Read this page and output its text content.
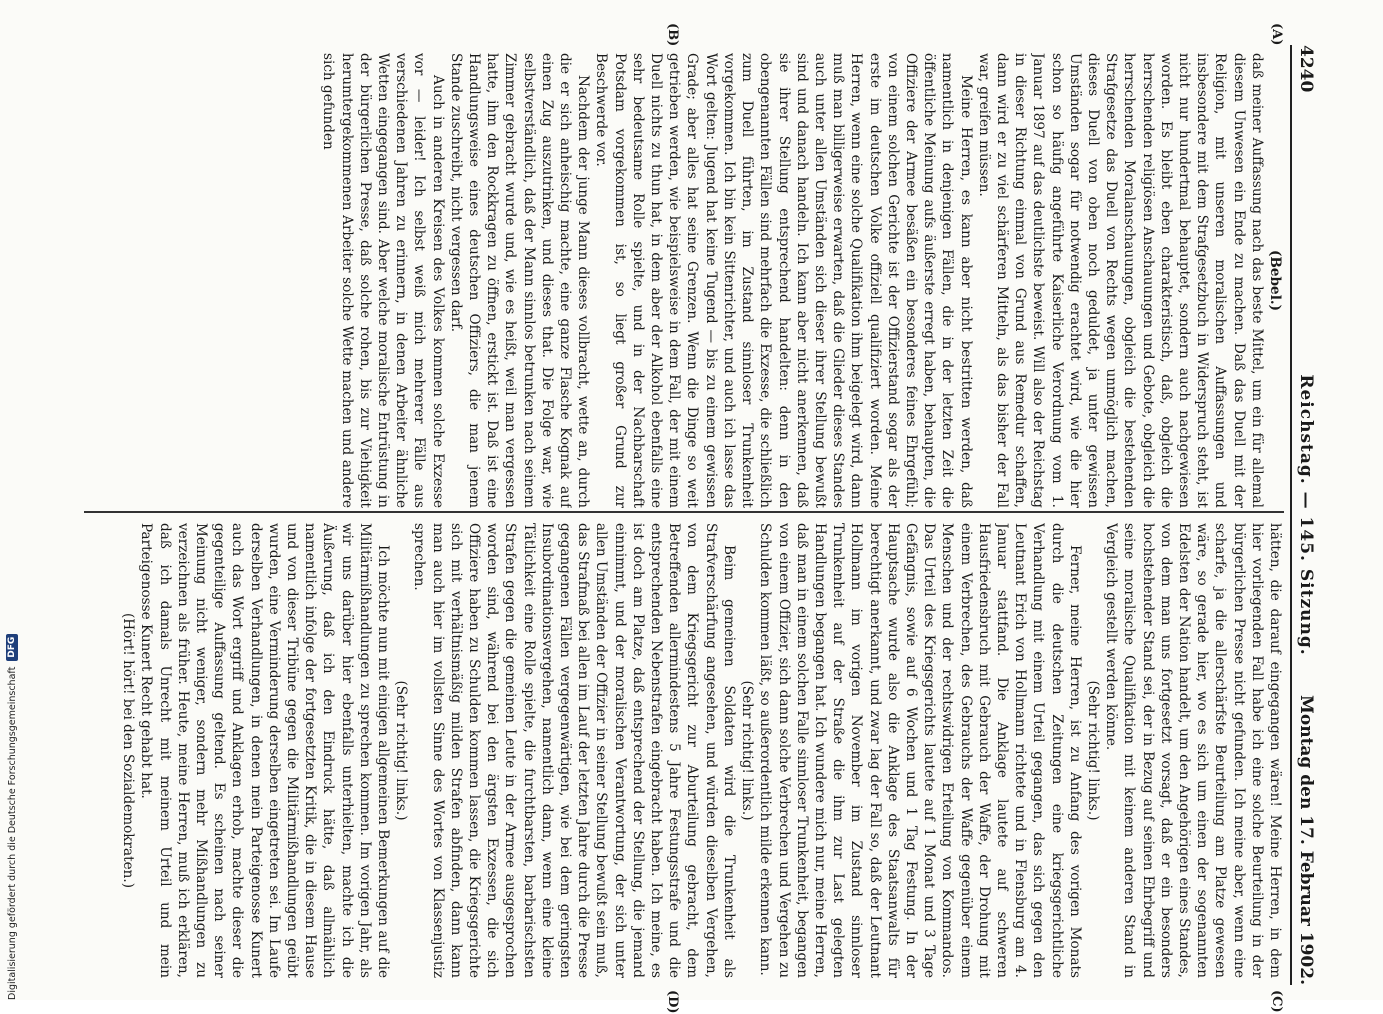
4240
Reichstag. — 145. Sitzung.
Montag den 17. Februar 1902.
(A)
(B)
(C)
(D)

(Bebel.)

daß meiner Auffassung nach das beste Mittel, um ein für allemal diesem Unwesen ein Ende zu machen. Daß das Duell mit der Religion, mit unseren moralischen Auffassungen und insbesondere mit dem Strafgesetzbuch in Widerspruch steht, ist nicht nur hundertmal behauptet, sondern auch nachgewiesen worden. Es bleibt eben charakteristisch, daß, obgleich die herrschenden religiösen Anschauungen und Gebote, obgleich die herrschenden Moralanschauungen, obgleich die bestehenden Strafgesetze das Duell von Rechts wegen unmöglich machen, dieses Duell von oben noch geduldet, ja unter gewissen Umständen sogar für notwendig erachtet wird, wie die hier schon so häufig angeführte Kaiserliche Verordnung vom 1. Januar 1897 auf das deutlichste beweist. Will also der Reichstag in dieser Richtung einmal von Grund aus Remedur schaffen, dann wird er zu viel schärferen Mitteln, als das bisher der Fall war, greifen müssen.

Meine Herren, es kann aber nicht bestritten werden, daß namentlich in denjenigen Fällen, die in der letzten Zeit die öffentliche Meinung aufs äußerste erregt haben, behaupten, die Offiziere der Armee besäßen ein besonderes feines Ehrgefühl; von einem solchen Gerichte ist der Offizierstand sogar als der erste im deutschen Volke offiziell qualifiziert worden. Meine Herren, wenn eine solche Qualifikation ihm beigelegt wird, dann muß man billigerweise erwarten, daß die Glieder dieses Standes auch unter allen Umständen sich dieser ihrer Stellung bewußt sind und danach handeln. Ich kann aber nicht anerkennen, daß sie ihrer Stellung entsprechend handelten: denn in den obengenannten Fällen sind mehrfach die Exzesse, die schließlich zum Duell führten, im Zustand sinnloser Trunkenheit vorgekommen. Ich bin kein Sittenrichter, und auch ich lasse das Wort gelten: Jugend hat keine Tugend — bis zu einem gewissen Grade; aber alles hat seine Grenzen. Wenn die Dinge so weit getrieben werden, wie beispielsweise in dem Fall, der mit einem Duell nichts zu thun hat, in dem aber der Alkohol ebenfalls eine sehr bedeutsame Rolle spielte, und in der Nachbarschaft Potsdam vorgekommen ist, so liegt großer Grund zur Beschwerde vor.

Nachdem der junge Mann dieses vollbracht, wette an, durch die er sich anheischig machte, eine ganze Flasche Kognak auf einen Zug auszutrinken, und dieses that. Die Folge war, wie selbstverständlich, daß der Mann sinnlos betrunken nach seinem Zimmer gebracht wurde und, wie es heißt, weil man vergessen hatte, ihm den Rockkragen zu öffnen, erstickt ist. Daß ist eine Handlungsweise eines deutschen Offiziers, die man jenem Stande zuschreibt, nicht vergessen darf.

Auch in anderen Kreisen des Volkes kommen solche Exzesse vor — leider! Ich selbst weiß mich mehrerer Fälle aus verschiedenen Jahren zu erinnern, in denen Arbeiter ähnliche Wetten eingegangen sind. Aber welche moralische Entrüstung in der bürgerlichen Presse, daß solche rohen, bis zur Viehigkeit herumtergekommenen Arbeiter solche Wette machen und andere sich gefunden

hätten, die darauf eingegangen wären! Meine Herren, in dem hier vorliegenden Fall habe ich eine solche Beurteilung in der bürgerlichen Presse nicht gefunden. Ich meine aber, wenn eine scharfe, ja die allerschärfste Beurteilung am Platze gewesen wäre, so gerade hier, wo es sich um einen der sogenannten Edelsten der Nation handelt, um den Angehörigen eines Standes, von dem man uns fortgesetzt vorsagt, daß er ein besonders hochstehender Stand sei, der in Bezug auf seinen Ehrbegriff und seine moralische Qualifikation mit keinem anderen Stand in Vergleich gestellt werden könne.

(Sehr richtig! links.)

Ferner, meine Herren, ist zu Anfang des vorigen Monats durch die deutschen Zeitungen eine kriegsgerichtliche Verhandlung mit einem Urteil gegangen, das sich gegen den Leutnant Erich von Hollmann richtete und in Flensburg am 4. Januar stattfand. Die Anklage lautete auf schweren Hausfriedensbruch mit Gebrauch der Waffe, der Drohung mit einem Verbrechen, des Gebrauchs der Waffe gegenüber einem Menschen und der rechtswidrigen Erteilung von Kommandos. Das Urteil des Kriegsgerichts lautete auf 1 Monat und 3 Tage Gefängnis, sowie auf 6 Wochen und 1 Tag Festung. In der Hauptsache wurde also die Anklage des Staatsanwalts für berechtigt anerkannt, und zwar lag der Fall so, daß der Leutnant Hollmann im vorigen November im Zustand sinnloser Trunkenheit auf der Straße die ihm zur Last gelegten Handlungen begangen hat. Ich wundere mich nur, meine Herren, daß man in einem solchen Falle sinnloser Trunkenheit, begangen von einem Offizier, sich dann solche Verbrechen und Vergehen zu Schulden kommen läßt, so außerordentlich milde erkennen kann.

(Sehr richtig! links.)

Beim gemeinen Soldaten wird die Trunkenheit als Strafverschärfung angesehen, und würden dieselben Vergehen, von dem Kriegsgericht zur Aburteilung gebracht, dem Betreffenden allermindestens 5 Jahre Festungsstrafe und die entsprechenden Nebenstrafen eingebracht haben. Ich meine, es ist doch am Platze, daß entsprechend der Stellung, die jemand einnimmt, und der moralischen Verantwortung, der sich unter allen Umständen der Offizier in seiner Stellung bewußt sein muß, das Strafmaß bei allen im Lauf der letzten Jahre durch die Presse gegangenen Fällen vergegenwärtigen, wie bei dem geringsten Insubordinationsvergehen, namentlich dann, wenn eine kleine Tätlichkeit eine Rolle spielte, die furchtbarsten, barbarischsten Strafen gegen die gemeinen Leute in der Armee ausgesprochen worden sind, während bei den ärgsten Exzessen, die sich Offiziere haben zu Schulden kommen lassen, die Kriegsgerichte sich mit verhältnismäßig milden Strafen abfinden, dann kann man auch hier im vollsten Sinne des Wortes von Klassenjustiz sprechen.

(Sehr richtig! links.)

Ich möchte nun mit einigen allgemeinen Bemerkungen auf die Militärmißhandlungen zu sprechen kommen. Im vorigen Jahr, als wir uns darüber hier ebenfalls unterhielten, machte ich die Äußerung, daß ich den Eindruck hätte, daß allmählich namentlich infolge der fortgesetzten Kritik, die in diesem Hause und von dieser Tribüne gegen die Militärmißhandlungen geübt wurden, eine Verminderung derselben eingetreten sei. Im Laufe derselben Verhandlungen, in denen mein Parteigenosse Kunert auch das Wort ergriff und Anklagen erhob, machte dieser die gegenteilige Auffassung geltend. Es scheinen nach seiner Meinung nicht weniger, sondern mehr Mißhandlungen zu verzeichnen als früher. Heute, meine Herren, muß ich erklären, daß ich damals Unrecht mit meinem Urteil und mein Parteigenosse Kunert Recht gehabt hat.

(Hört! hört! bei den Sozialdemokraten.)

Digitalisierung gefördert durch die Deutsche Forschungsgemeinschaft
DFG
